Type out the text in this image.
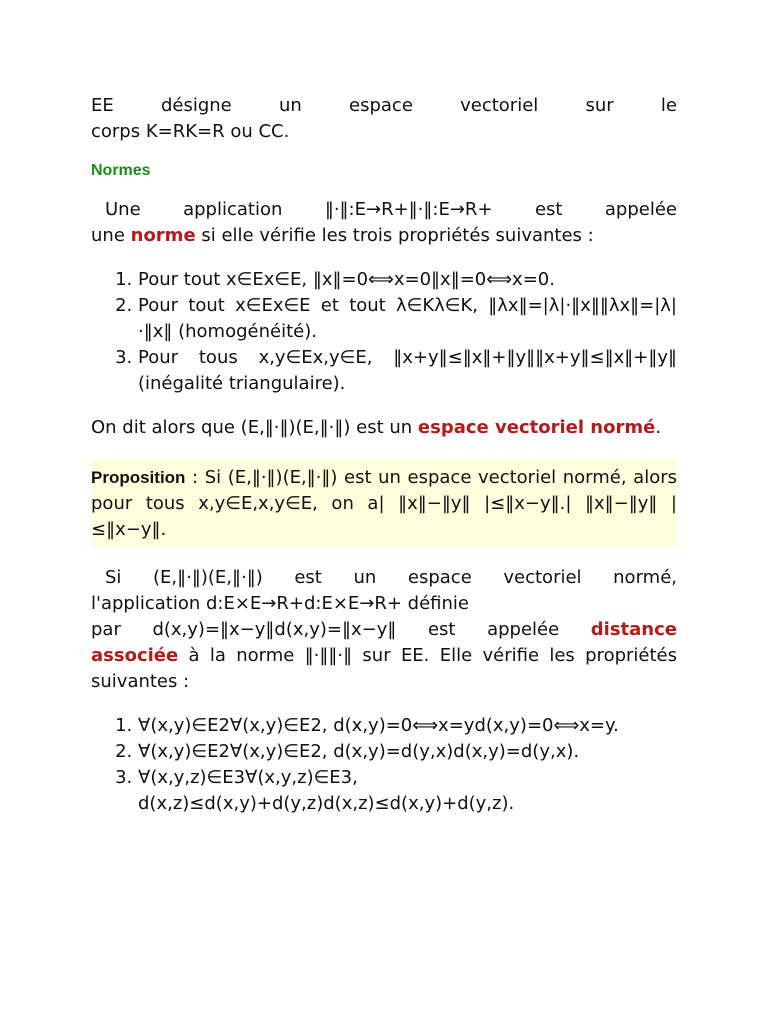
EE désigne un espace vectoriel sur le

corps K=RK=R ou CC.

Normes

Une application ‖·‖:E→R+‖·‖:E→R+ est appelée

une norme si elle vérifie les trois propriétés suivantes :

1. Pour tout x∈Ex∈E, ‖x‖=0⟺x=0‖x‖=0⟺x=0.
2. Pour tout x∈Ex∈E et tout λ∈Kλ∈K, ‖λx‖=|λ|·‖x‖‖λx‖=|λ|·‖x‖ (homogénéité).
3. Pour tous x,y∈Ex,y∈E, ‖x+y‖≤‖x‖+‖y‖‖x+y‖≤‖x‖+‖y‖ (inégalité triangulaire).

On dit alors que (E,‖·‖)(E,‖·‖) est un espace vectoriel normé.

Proposition : Si (E,‖·‖)(E,‖·‖) est un espace vectoriel normé, alors pour tous x,y∈E,x,y∈E, on a| ‖x‖−‖y‖ |≤‖x−y‖.| ‖x‖−‖y‖ |≤‖x−y‖.

Si (E,‖·‖)(E,‖·‖) est un espace vectoriel normé,

l'application d:E×E→R+d:E×E→R+ définie

par d(x,y)=‖x−y‖d(x,y)=‖x−y‖ est appelée distance

associée à la norme ‖·‖‖·‖ sur EE. Elle vérifie les propriétés suivantes :

1. ∀(x,y)∈E2∀(x,y)∈E2, d(x,y)=0⟺x=yd(x,y)=0⟺x=y.
2. ∀(x,y)∈E2∀(x,y)∈E2, d(x,y)=d(y,x)d(x,y)=d(y,x).
3. ∀(x,y,z)∈E3∀(x,y,z)∈E3, d(x,z)≤d(x,y)+d(y,z)d(x,z)≤d(x,y)+d(y,z).
